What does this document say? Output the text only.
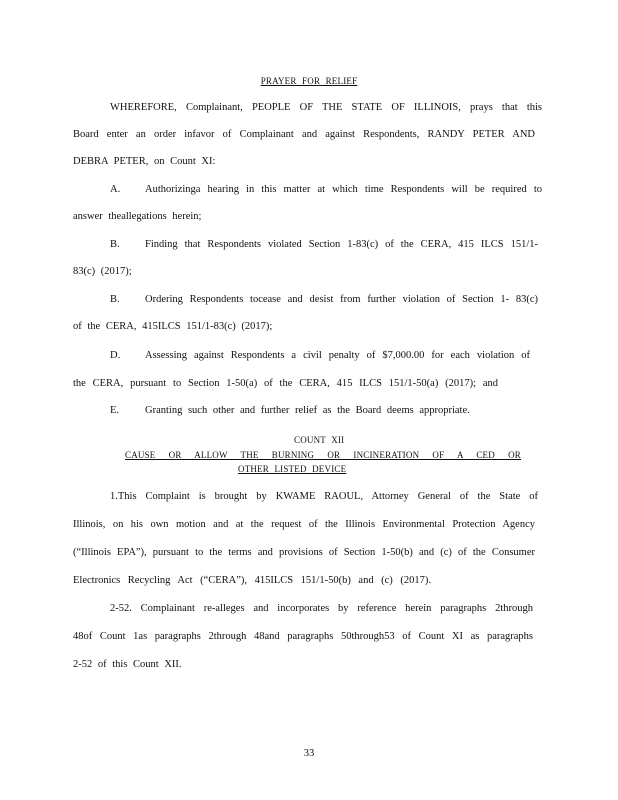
PRAYER FOR RELIEF
WHEREFORE, Complainant, PEOPLE OF THE STATE OF ILLINOIS, prays that this
Board enter an order infavor of Complainant and against Respondents, RANDY PETER AND
DEBRA PETER, on Count XI:
A. Authorizinga hearing in this matter at which time Respondents will be required to
answer theallegations herein;
B. Finding that Respondents violated Section 1-83(c) of the CERA, 415 ILCS 151/1-
83(c) (2017);
B. Ordering Respondents tocease and desist from further violation of Section 1- 83(c)
of the CERA, 415ILCS 151/1-83(c) (2017);
D. Assessing against Respondents a civil penalty of $7,000.00 for each violation of
the CERA, pursuant to Section 1-50(a) of the CERA, 415 ILCS 151/1-50(a) (2017); and
E. Granting such other and further relief as the Board deems appropriate.
COUNT XII
CAUSE OR ALLOW THE BURNING OR INCINERATION OF A CED OR
OTHER LISTED DEVICE
1.This Complaint is brought by KWAME RAOUL, Attorney General of the State of
Illinois, on his own motion and at the request of the Illinois Environmental Protection Agency
(“Illinois EPA”), pursuant to the terms and provisions of Section 1-50(b) and (c) of the Consumer
Electronics Recycling Act (“CERA”), 415ILCS 151/1-50(b) and (c) (2017).
2-52. Complainant re-alleges and incorporates by reference herein paragraphs 2through
48of Count 1as paragraphs 2through 48and paragraphs 50through53 of Count XI as paragraphs
2-52 of this Count XII.
33
